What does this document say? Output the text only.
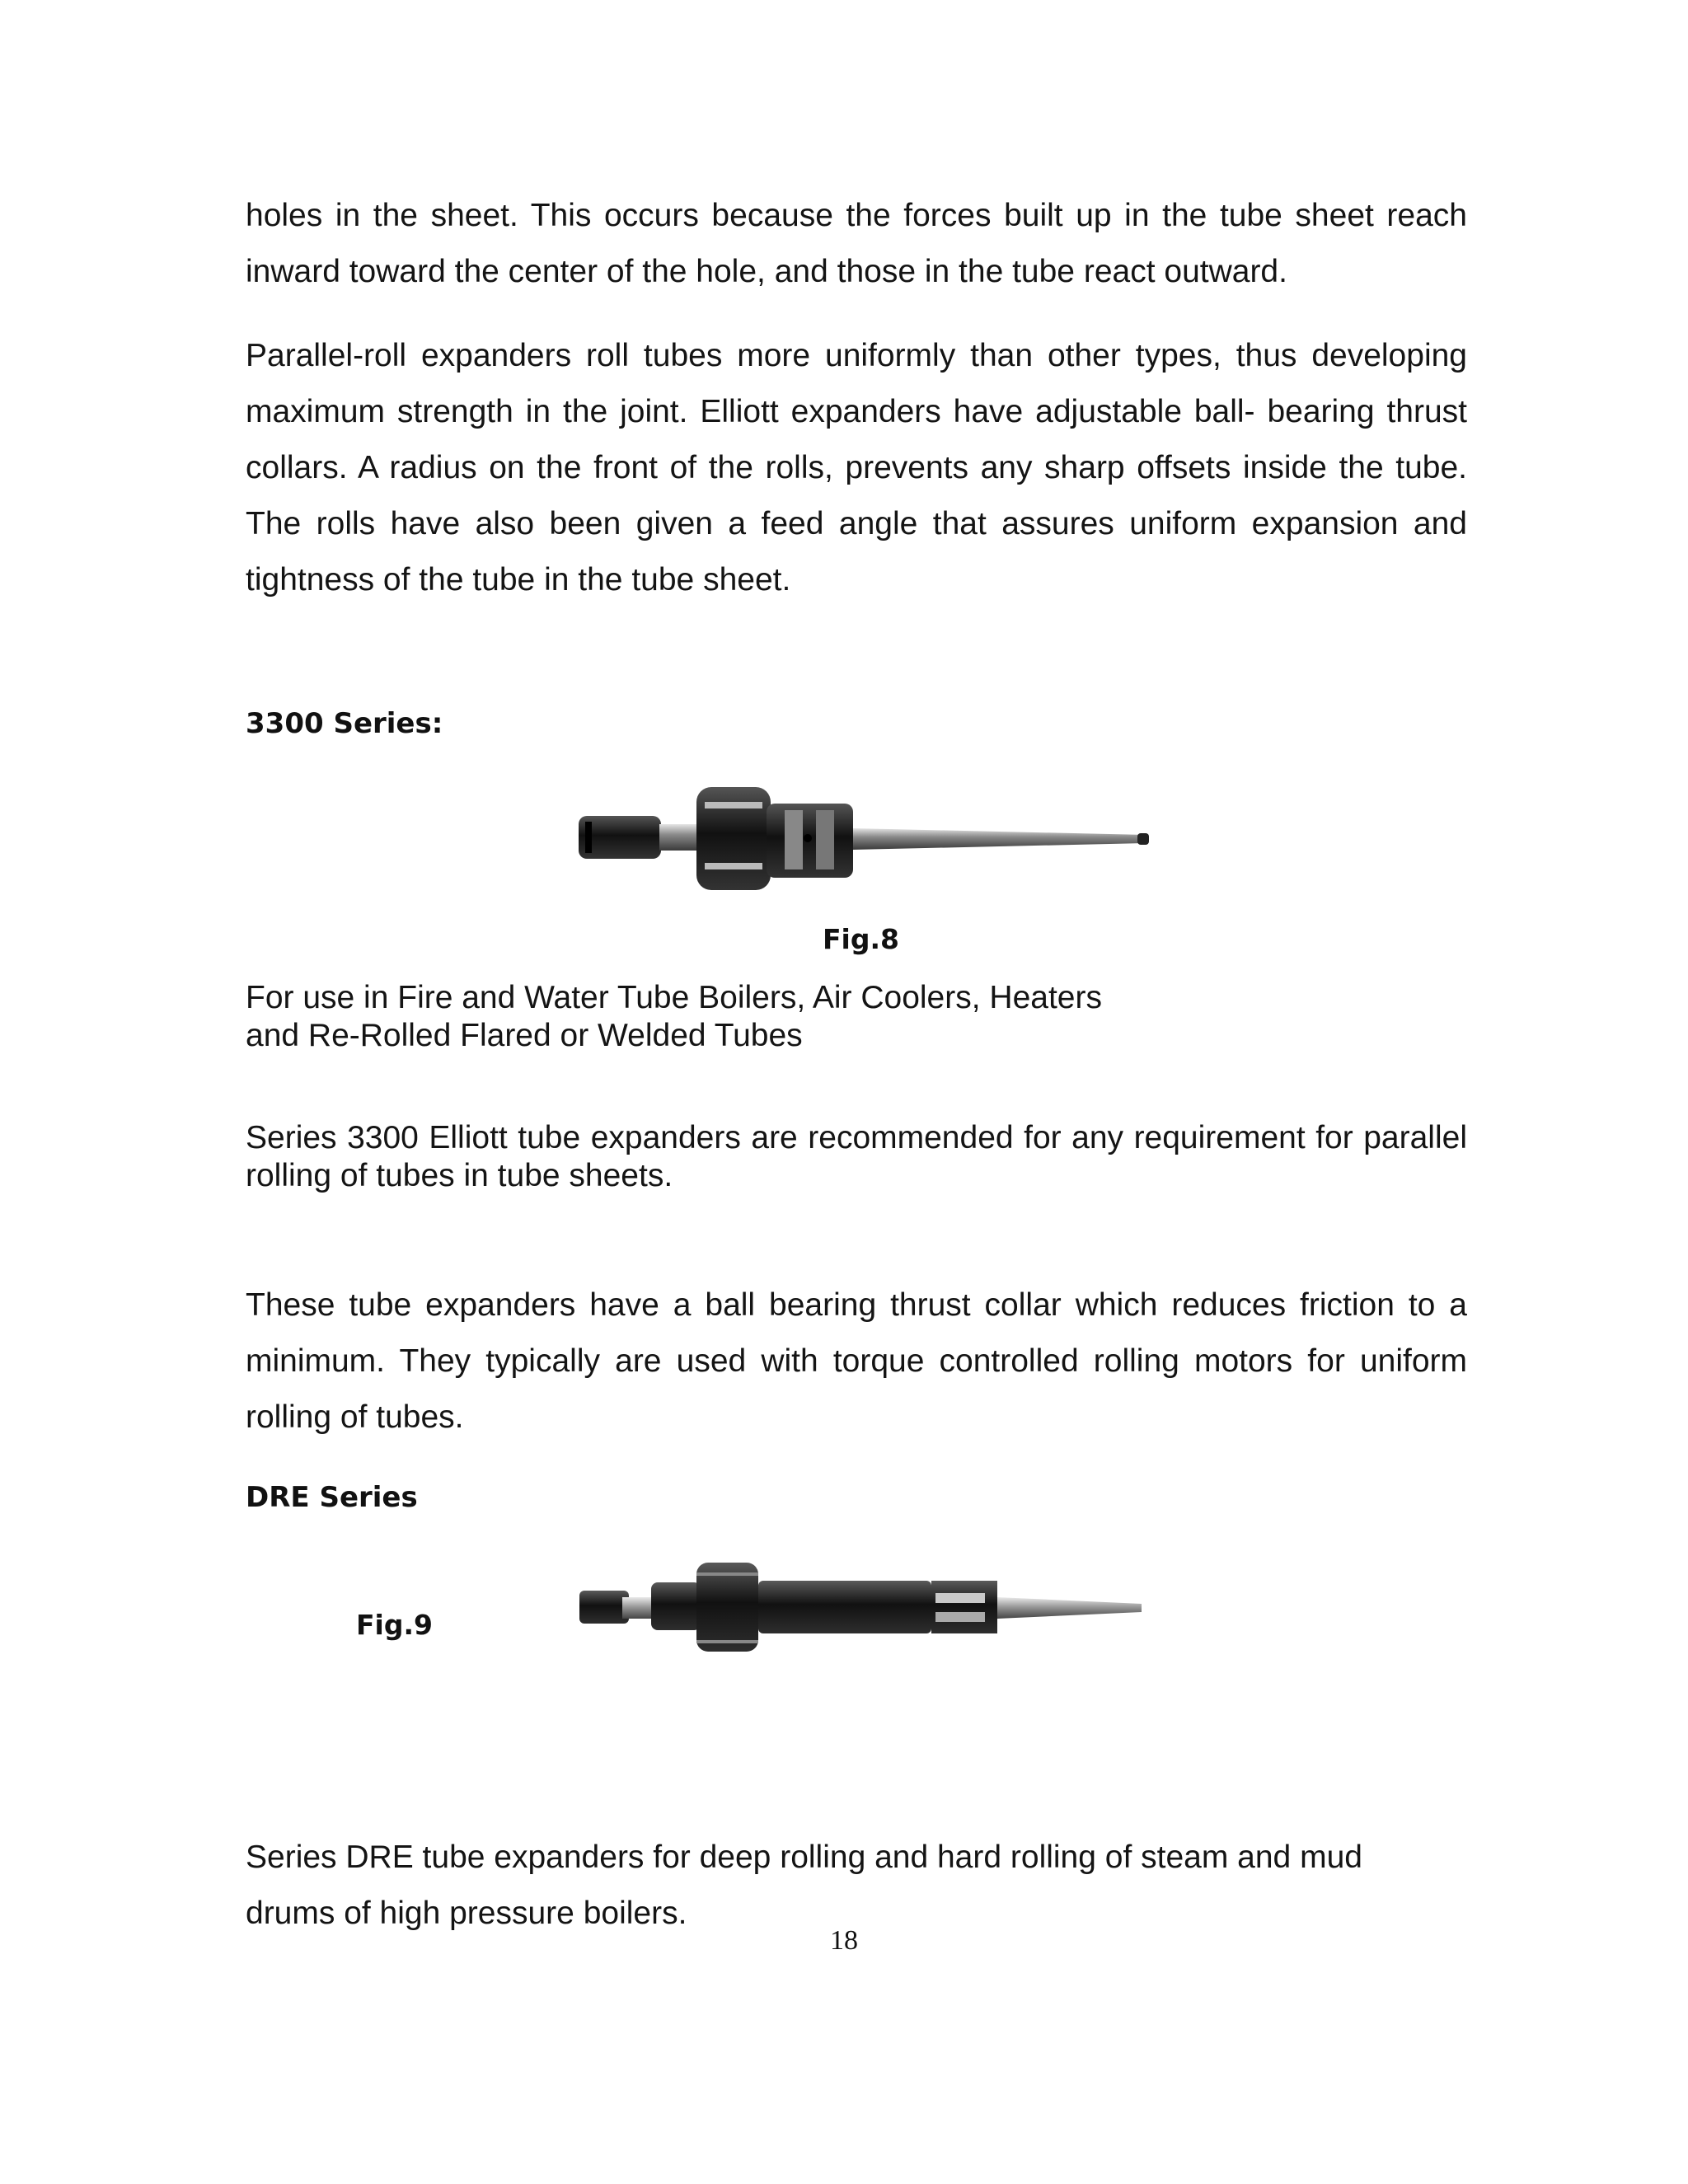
holes in the sheet. This occurs because the forces built up in the tube sheet reach inward toward the center of the hole, and those in the tube react outward.

Parallel-roll expanders roll tubes more uniformly than other types, thus developing maximum strength in the joint. Elliott expanders have adjustable ball- bearing thrust collars. A radius on the front of the rolls, prevents any sharp offsets inside the tube. The rolls have also been given a feed angle that assures uniform expansion and tightness of the tube in the tube sheet.

3300 Series:

Fig.8

For use in Fire and Water Tube Boilers, Air Coolers, Heaters

and Re-Rolled Flared or Welded Tubes

Series 3300 Elliott tube expanders are recommended for any requirement for parallel rolling of tubes in tube sheets.

These tube expanders have a ball bearing thrust collar which reduces friction to a minimum. They typically are used with torque controlled rolling motors for uniform rolling of tubes.

DRE Series

Fig.9

Series DRE tube expanders for deep rolling and hard rolling of steam and mud

drums of high pressure boilers.

18
